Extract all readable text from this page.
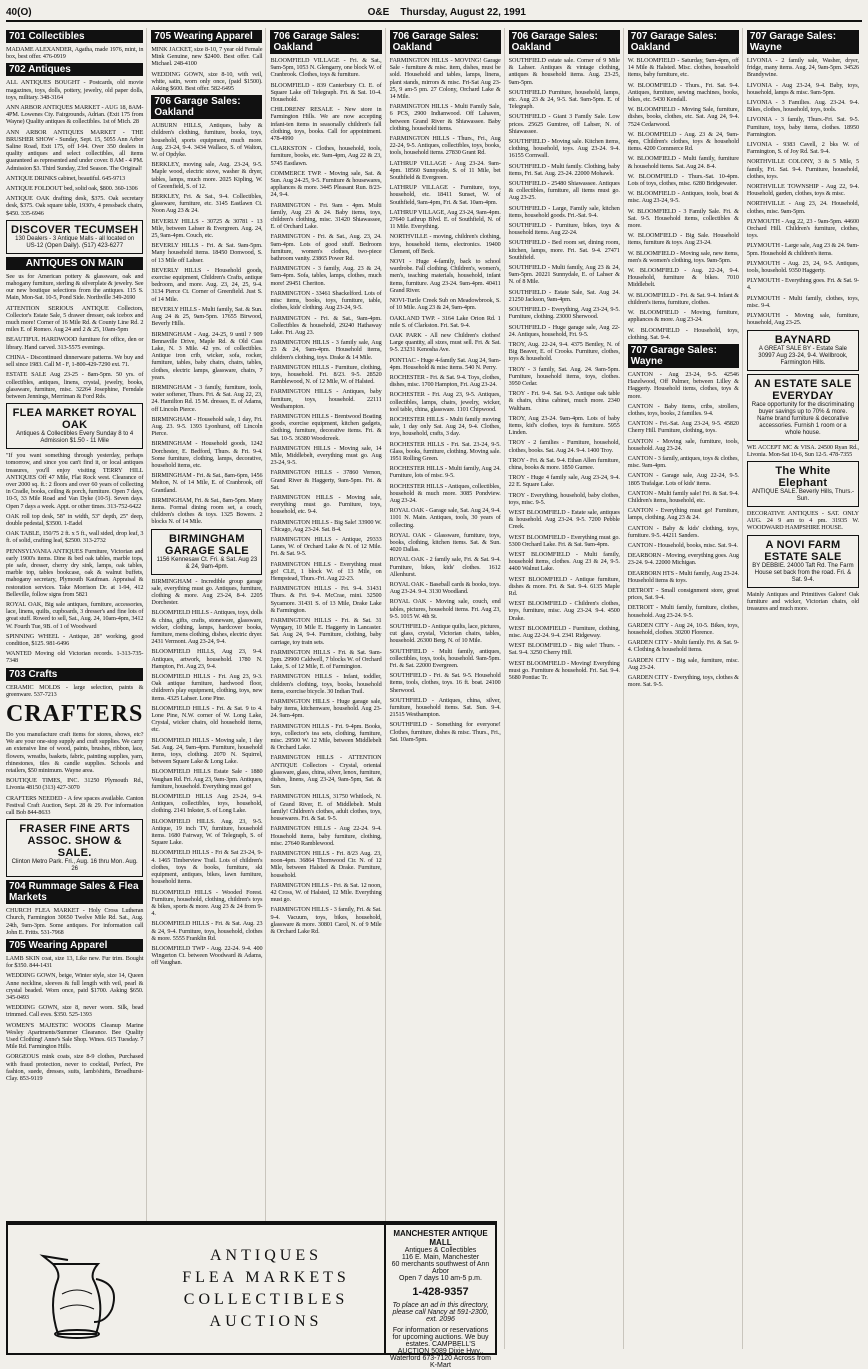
40(O)	O&E Thursday, August 22, 1991
701 Collectibles

MADAME ALEXANDER, Agatha, made 1976, mint, in box, best offer. 476-0919

702 Antiques

ALL ANTIQUES BOUGHT - Postcards, old movie magazines, toys, dolls, pottery, jewelry, old paper dolls, toys, military. 348-3164

ANN ARBOR ANTIQUES MARKET - AUG 18, 8AM-4PM. Lowenes Cty. Fairgrounds, Adrian. (Exit 175 from Wayne) Quality antiques & collectibles. 1st of Mich. 28

ANN ARBOR ANTIQUES MARKET - THE BRUSHER SHOW - Sunday, Sept. 15, 5055 Ann Arbor Saline Road, Exit 175, off I-94. Over 350 dealers in quality antiques and select collectibles, all items guaranteed as represented and under cover. 8 AM - 4 PM. Admission $3. Third Sunday, 23rd Season. The Original!

ANTIQUE DRINKS cabinet, beautiful. 645-9713

ANTIQUE FOLDOUT bed, solid oak, $800. 360-1306

ANTIQUE OAK drafting desk, $375. Oak secretary desk, $375. Oak square table, 1930's, 4 pressback chairs, $450. 335-6946

DISCOVER TECUMSEH
130 Dealers - 3 Antique Malls - all located on US-12 (Open Daily). (517) 423-6277
ANTIQUES ON MAIN

See us for American pottery & glassware, oak and mahogany furniture, sterling & silverplate & jewelry. See our new boutique selections from the antiques. 115 S. Main, Mon-Sat. 10-5, Pond Side. Northville 349-2690

ATTENTION SERIOUS ANTIQUE Collectors, Collector's Estate Sale, 5 drawer dresser, oak icebox and much more! Corner of 16 Mile Rd. & County Line Rd. 2 miles E. of Romeo. Aug 24 and 2 & 25, 10am-5pm

BEAUTIFUL HARDWOOD furniture for office, den or library. Hand carved. 313-5575 evenings.

CHINA - Discontinued dinnerware patterns. We buy and sell since 1983. Call M - F, 1-800-429-7290 ext. 71.

ESTATE SALE Aug 23-25 - 8am-5pm. 50 yrs. of collectibles, antiques, linens, crystal, jewelry, books, glassware, furniture, misc. 32264 Josephine, Ferndale between Jennings, Merriman & Ford Rds.

FLEA MARKET ROYAL OAK
Antiques & Collectibles Every Sunday 8 to 4 Admission $1.50 - 11 Mile

"If you want something through yesterday, perhaps tomorrow, and since you can't find it, or local antiques treasures, you'll enjoy visiting TERRY HILL ANTIQUES Off 47 Mile, Flat Rock west. Clearance of over 2000 sq. ft.: 2 floors and over 60 years of collecting in Cradle, books, ceiling & porch, furniture. Open 7 days, 10-5, 33 Mile Road and Van Dyke (10-5). Seven days. Open 7 days a week. Appt. or other times. 313-752-6422

OAK roll top desk, 58" in width, 53" depth, 25" deep, double pedestal, $3500. 1-Eadel

OAK TABLE, 150/75 2 ft. x 5 ft., wall sided, drop leaf, 3 ft. of solid, crafting leaf, $2500. 313-2732

PENNSYLVANIA ANTIQUES Furniture, Victorian and early 1900's items. Dine & bed oak tables, marble tops, pie safe, dresser, cherry dry sink, lamps, oak tables, marble top, tables bookcase, oak & walnut buffets, mahogany secretary, Plymouth Kaufman. Appraisal & restoration services. Take Morrison Dr. at 1-94, 412 Belleville, follow signs from 5821

ROYAL OAK, Big sale antiques, furniture, accessories, lace, linens, quilts, cupboards, 3 dresser's and fine lots of great stuff. Rowed to sell, Sat., Aug. 24, 10am-4pm, 3412 W. Fourth Tue, 9B. of 1 of Woodward

SPINNING WHEEL - Antique, 28" working, good condition, $125. 981-6496

WANTED Moving old Victorian records. 1-313-735-7348

703 Crafts

CERAMIC MOLDS - large selection, paints & greenware. 537-7213

CRAFTERS

Do you manufacture craft items for stores, shows, etc? We are your one-stop supply and craft supplies. We carry an extensive line of wood, paints, brushes, ribbon, lace, flowers, wreaths, baskets, fabric, painting supplies, yarn, rhinestones, tiles & candle supplies. Schools and retailers, $50 minimum. Wayne area.

BOUTIQUE TIMES, INC. 31250 Plymouth Rd., Livonia 48150 (313) 427-3070

CRAFTERS NEEDED - A few spaces available. Canton Festival Craft Auction, Sept. 28 & 29. For information call Bob 844-8633

FRASER FINE ARTS ASSOC. SHOW & SALE.
Clinton Metro Park. Fri., Aug. 16 thru Mon. Aug. 26
704 Rummage Sales & Flea Markets

CHURCH FLEA MARKET - Holy Cross Lutheran Church, Farmington 30650 Twelve Mile Rd. Sat., Aug. 24th, 9am-3pm. Some antiques. For information call John E. Fritts. 531-7968

705 Wearing Apparel

LAMB SKIN coat, size 13, Like new. Fur trim. Bought for $350. 844-1431

WEDDING GOWN, beige, Winter style, size 14, Queen Anne neckline, sleeves & full length with veil, pearl & crystal beaded. Worn once, paid $1700. Asking $650. 345-0493

WEDDING GOWN, size 8, never worn. Silk, bead trimmed. Call eves. $350. 525-1393

WOMEN'S MAJESTIC WOODS Cleanup Marine Wesley Apartments/Summer Clearance. Bee Quality Used Clothing! Anne's Sale Shop. Wines. 615 Tuesday. 7 Mile Rd. Farmington Hills.

GORGEOUS mink coats, size 8-9 clothes, Purchased with fraud protection, never to cocktail, Perfect, Pre fashion, suede, dresses, suits, lamb/shirts, Broadhurst-Clay. 853-9119

705 Wearing Apparel

MINK JACKET, size 8-10, 7 year old Female Mink Genuine, new $2400. Best offer. Call Michael. 248-4100

WEDDING GOWN, size 8-10, with veil, white, satin, worn only once, (paid $1500). Asking $600. Best offer. 582-6495

706 Garage Sales: Oakland

AUBURN HILLS, Antiques, baby & children's clothing, furniture, books, toys, household, sports equipment, much more. Aug. 23-24, 9-4. 3434 Wallace, S. of Walton, W. of Opdyke.

BERKLEY, moving sale, Aug. 23-24, 9-5. Maple wood, electric stove, washer & dryer, tables, lamps, much more. 2025 Kipling, W. of Greenfield, S. of 12.

BERKLEY, Fri. & Sat., 9-4. Collectibles, glassware, furniture, etc. 3145 Eastlawn Ct. Noon Aug 23 & 24.

BEVERLY HILLS - 30725 & 30781 - 13 Mile, between Lahser & Evergreen. Aug. 24, 25, 9am-4pm. Couch, etc.

BEVERLY HILLS - Fri. & Sat. 9am-5pm. Many household items. 18450 Donwood, S. of 13 Mile off Lahser.

BEVERLY HILLS - Household goods, exercise equipment, Children's Crafts, antique bedroom, and more. Aug. 23, 24, 25, 9-4. 3134 Pierce Ct. Corner of Greenfield. Just S. of 14 Mile.

BEVERLY HILLS - Multi family, Sat. & Sun. Aug 24 & 25, 9am-5pm. 17655 Birwood, Beverly Hills.

BIRMINGHAM - Aug. 24-25, 9 until ? 909 Bennaville Drive, Maple Rd. & Old Cass Lake, N. 3 Mile. 42 yrs. of collectibles. Antique iron crib, wicker, sofa, rocker, furniture, tables, baby chairs, chairs, tables, clothes, electric lamps, glassware, chairs, 7 years.

BIRMINGHAM - 3 family, furniture, tools, water softener, Thurs. Fri. & Sat. Aug 22, 23, 24. Hamilton Rd. 15 M. dresses, E. of Adams, off Lincoln Pierce.

BIRMINGHAM - Household sale, 1 day, Fri. Aug. 23. 9-5. 1393 Lyonhurst, off Lincoln Pierce.

BIRMINGHAM - Household goods, 1242 Dorchester, E. Bedford, Thurs. & Fri. 9-4. Some furniture, clothing, lamps, decorative, household items, etc.

BIRMINGHAM - Fri. & Sat., 8am-6pm, 1456 Melton, N. of 14 Mile, E. of Cranbrook, off Grantland.

BIRMINGHAM, Fri. & Sat., 8am-5pm. Many items. Formal dining room set, a couch, children's clothes & toys. 1325 Bowers. 2 blocks N. of 14 Mile.

BIRMINGHAM GARAGE SALE
1156 Kennesaw Ct. Fri. & Sat. Aug 23 & 24, 9am-4pm.

BIRMINGHAM - Incredible group garage sale, everything must go. Antiques, furniture, clothing & more. Aug 23-24, 8-4. 2205 Dorchester.

BLOOMFIELD HILLS - Antiques, toys, dolls & china, gifts, crafts, stoneware, glassware, wicker, clothing, lamps, hardcover books, furniture, mens clothing, dishes, electric dryer. 2431 Vermont. Aug 23-24, 9-4.

BLOOMFIELD HILLS, Aug 23, 9-4. Antiques, artwork, household. 1780 N. Hampton, Fri. Aug 23, 9-4.

BLOOMFIELD HILLS - Fri. Aug 23, 9-3. Oak antique furniture, hardwood floor, children's play equipment, clothing, toys, new items. 4325 Lahser. Lone Pine.

BLOOMFIELD HILLS - Fri. & Sat. 9 to 4. Lone Pine, N.W. corner of W. Long Lake, Crystal, wicker chairs, old household items, etc.

BLOOMFIELD HILLS - Moving sale, 1 day Sat. Aug. 24, 9am-4pm. Furniture, household items, toys, clothing. 2070 N. Squirrel, between Square Lake & Long Lake.

BLOOMFIELD HILLS Estate Sale - 1880 Vaughan Rd. Fri. Aug 23, 9am-3pm. Antiques, furniture, household. Everything must go!

BLOOMFIELD HILLS Aug 23-24, 9-4. Antiques, collectibles, toys, household, clothing. 2141 Inkster, S. of Long Lake.

BLOOMFIELD HILLS. Aug. 23, 9-5. Antique, 19 inch TV, furniture, household items. 1680 Fairway, W. of Telegraph, S. of Square Lake.

BLOOMFIELD HILLS - Fri & Sat 23-24, 9-4. 1465 Timberview Trail. Lots of children's clothes, toys & books, furniture, ski equipment, antiques, bikes, lawn furniture, household items.

BLOOMFIELD HILLS - Wooded Forest. Furniture, household, clothing, children's toys & bikes, sports & more. Aug 23 & 24 from 9-4.

BLOOMFIELD HILLS - Fri. & Sat. Aug. 23 & 24, 9-4. Furniture, toys, household, clothes & more. 5555 Franklin Rd.

BLOOMFIELD TWP - Aug. 22-24. 9-4. 400 Wingerton Ct. between Woodward & Adams, off Vaughan.

706 Garage Sales: Oakland

BLOOMFIELD VILLAGE - Fri. & Sat., 9am-5pm, 1053 N. Glengarry, one block W. of Cranbrook. Clothes, toys & furniture.

BLOOMFIELD - 839 Canterbury Ct. E. of Square Lake off Telegraph. Fri. & Sat. 10-4. Household.

CHILDRENS' RESALE - New store in Farmington Hills. We are now accepting infant-ten items in seasonally children's fall clothing, toys, books. Call for appointment. 478-4990

CLARKSTON - Clothes, household, tools, furniture, books, etc. 9am-4pm, Aug 22 & 23, 5745 Eastlawn.

COMMERCE TWP. - Moving sale, Sat. & Sun. Aug 24-25, 9-5. Furniture & housewares, appliances & more. 3445 Pleasant Run. 8/23-24, 9-4.

FARMINGTON - Fri. 9am - 4pm. Multi family, Aug 23 & 24. Baby items, toys, children's clothing, misc. 31420 Shiawassee, E. of Orchard Lake.

FARMINGTON - Fri. & Sat., Aug. 23, 24. 9am-4pm. Lots of good stuff. Bedroom furniture, women's clothes, two-piece bathroom vanity. 23865 Power Rd.

FARMINGTON - 3 family, Aug. 23 & 24, 9am-4pm. Sofa, tables, lamps, clothes, much more! 29451 Cheriton.

FARMINGTON - 33461 Shackelford. Lots of misc items, books, toys, furniture, table, clothes, kids' clothing. Aug 23-24, 9-5.

FARMINGTON - Fri. & Sat., 9am-4pm. Collectibles & household, 29240 Hathaway Lake. Fri. Aug 23.

FARMINGTON HILLS - 3 family sale, Aug 23 & 24, 9am-4pm. Household items, children's clothing, toys. Drake & 14 Mile.

FARMINGTON HILLS - Furniture, clothing, toys, household. Fri. 8/23. 9-5. 28520 Ramblewood, N. of 12 Mile, W. of Halsted.

FARMINGTON HILLS - Antiques, baby furniture, toys, household. 22111 Westhampton.

FARMINGTON HILLS - Brentwood Boating goods, exercise equipment, kitchen gadgets, clothing, furniture, decorative items. Fri. & Sat. 10-5. 36380 Woodcreek.

FARMINGTON HILLS - Moving sale, 14 Mile, Middlebelt, everything must go. Aug 23-24, 9-5.

FARMINGTON HILLS - 37860 Vernon, Grand River & Haggerty, 9am-5pm. Fri. & Sat.

FARMINGTON HILLS - Moving sale, everything must go. Furniture, toys, household, etc. 9-4.

FARMINGTON HILLS - Big Sale! 33900 W. Chicago, Aug 23-24. Sat. 8-4.

FARMINGTON HILLS - Antique, 29333 Lanes, W. of Orchard Lake & N. of 12 Mile. Fri. & Sat. 9-5.

FARMINGTON HILLS - Everything must go! CLE, 1 block W. of 13 Mile, on Hempstead, Thurs.-Fri. Aug 22-23.

FARMINGTON HILLS - Fri. 9-4. 31431 Thurs. & Fri. 9-4. McCrae, mini. 32500 Sycamore. 31431 S. of 13 Mile, Drake Lake & Farmington.

FARMINGTON HILLS - Fri. & Sat. 31 Wyngary, 10 Mile E. Haggerty in Lancaster. Sat. Aug 24, 9-4. Furniture, clothing, baby carriage, toy train sets.

FARMINGTON HILLS - Fri. & Sat. 9am-3pm. 29900 Caldwell, 7 blocks W. of Orchard Lake, S. of 12 Mile, E. of Farmington.

FARMINGTON HILLS - Infant, toddler, children's clothing, toys, books, household items, exercise bicycle. 30 Indian Trail.

FARMINGTON HILLS - Huge garage sale, baby items, kitchenware, household. Aug 23-24. 9am-4pm.

FARMINGTON HILLS - Fri. 9-4pm. Books, toys, collector's tea sets, clothing, furniture, misc. 29500 W. 12 Mile, between Middlebelt & Orchard Lake.

FARMINGTON HILLS - ATTENTION ANTIQUE Collectors - Crystal, oriental glassware, glass, china, silver, lenox, furniture, dishes, linens, Aug 23-24, 9am-5pm, Sat. & Sun.

FARMINGTON HILLS, 31750 Whitlock, N. of Grand River, E. of Middlebelt. Multi family! Children's clothes, adult clothes, toys, housewares. Fri. & Sat. 9-5.

FARMINGTON HILLS - Aug 22-24. 9-4. Household items, baby furniture, clothing, misc. 27640 Ramblewood.

FARMINGTON HILLS - Fri. 8/23 Aug. 23, noon-4pm. 36864 Thornwood Cir. N. of 12 Mile, between Halsted & Drake. Furniture, household.

FARMINGTON HILLS - Fri. & Sat. 12 noon, 42 Cross, W. of Halsted, 12 Mile. Everything must go.

FARMINGTON HILLS - 3 family, Fri. & Sat. 9-4. Vacuum, toys, bikes, household, glassware & more. 30801 Carol, N. of 9 Mile & Orchard Lake Rd.

706 Garage Sales: Oakland

FARMINGTON HILLS - MOVING! Garage Sale - furniture & misc. item, dishes, must be sold. Household and tables, lamps, linens, plant stands, mirrors & misc. Fri-Sat Aug 23-25, 9 am-5 pm. 27 Colony, Orchard Lake & 14 Mile.

FARMINGTON HILLS - Multi Family Sale, 6 PCS, 2900 Indianwood. Off Lahaven, between Grand River & Shiawassee. Baby clothing, household items.

FARMINGTON HILLS - Thurs., Fri., Aug 22-24, 9-5. Antiques, collectibles, toys, books, tools, household items. 27830 Grant Rd.

LATHRUP VILLAGE - Aug 23-24. 9am-4pm. 18560 Sunnyside, S. of 11 Mile, bet Southfield & Evergreen.

LATHRUP VILLAGE - Furniture, toys, household, etc. 18411 Sunset, W. of Southfield, 9am-4pm, Fri. & Sat. 10am-4pm.

LATHRUP VILLAGE, Aug 23-24, 9am-4pm. 27640 Lathrup Blvd. E. of Southfield, N. of 11 Mile. Everything.

NORTHVILLE - moving, children's clothing, toys, household items, electronics. 19400 Clement, off Beck.

NOVI - Huge 4-family, back to school wardrobe. Fall clothing. Children's, women's, men's, teaching materials, household, infant items, furniture. Aug 23-24. 9am-4pm. 40411 Grand River.

NOVI-Turtle Creek Sub on Meadowbrook, S. of 10 Mile. Aug 23 & 24, 9am-4pm.

OAKLAND TWP. - 3164 Lake Orion Rd. 1 mile S. of Clarkston. Fri. Sat. 9-4.

OAK PARK - All new Children's clothes! Large quantity, all sizes, must sell. Fri. & Sat. 9-5. 23231 Kenosha Ave.

PONTIAC - Huge 4-family Sat. Aug 24, 9am-4pm. Household & misc items. 540 N. Perry.

ROCHESTER - Fri. & Sat. 9-4. Toys, clothes, dishes, misc. 1700 Hampton, Fri. Aug 23-24.

ROCHESTER - Fri. Aug 23, 9-5. Antiques, collectibles, lamps, chairs, jewelry, wicker, tool table, china, glassware. 1101 Chipwood.

ROCHESTER HILLS - Multi family moving sale, 1 day only Sat. Aug 24, 9-4. Clothes, toys, household, crafts, 3 day.

ROCHESTER HILLS - Fri. Sat. 23-24, 9-5. Glass, books, furniture, clothing. Moving sale. 1951 Rolling Green.

ROCHESTER HILLS - Multi family, Aug 24. Furniture, lots of misc. 9-5.

ROCHESTER HILLS - Antiques, collectibles, household & much more. 3085 Pondview. Aug 23-24.

ROYAL OAK - Garage sale, Sat. Aug 24, 9-4. 1101 N. Main. Antiques, tools, 30 years of collecting.

ROYAL OAK - Glassware, furniture, toys, books, clothing, kitchen items. Sat. & Sun. 4020 Dallas.

ROYAL OAK - 2 family sale, Fri. & Sat. 9-4. Furniture, bikes, kids' clothes. 1612 Allenhurst.

ROYAL OAK - Baseball cards & books, toys. Aug 23-24. 9-4. 3130 Woodland.

ROYAL OAK - Moving sale, couch, end tables, pictures, household items. Fri. Aug 23, 9-5. 1015 W. 4th St.

SOUTHFIELD - Antique quilts, lace, pictures, cut glass, crystal, Victorian chairs, tables, household. 26300 Berg, N. of 10 Mile.

SOUTHFIELD - Multi family, antiques, collectibles, toys, tools, household. 9am-5pm. Fri. & Sat. 22000 Evergreen.

SOUTHFIELD - Fri. & Sat. 9-5. Household items, tools, clothes, toys. 16 ft. boat. 24100 Sherwood.

SOUTHFIELD - Antiques, china, silver, furniture, household items. Sat. Sun. 9-4. 21515 Westhampton.

SOUTHFIELD - Something for everyone! Clothes, furniture, dishes & misc. Thurs., Fri., Sat. 10am-5pm.

706 Garage Sales: Oakland

SOUTHFIELD estate sale. Corner of 9 Mile & Lahser. Antiques & vintage clothing, antiques & household items. Aug. 23-25, 9am-5pm.

SOUTHFIELD Furniture, household, lamps, etc. Aug 23 & 24, 9-5. Sat. 9am-5pm. E. of Telegraph.

SOUTHFIELD - Giant 3 Family Sale. Low prices. 25625 Gumtree, off Lahser, N. of Shiawassee.

SOUTHFIELD - Moving sale. Kitchen items, clothing, household, toys. Aug 23-24. 9-4. 16155 Cornwall.

SOUTHFIELD - Multi family. Clothing, baby items, Fri. Sat. Aug. 23-24. 22000 Mohawk.

SOUTHFIELD - 25480 Shiawassee. Antiques & collectibles, furniture, all items must go. Aug 23-25.

SOUTHFIELD - Large, Family sale, kitchen items, household goods. Fri.-Sat. 9-4.

SOUTHFIELD - Furniture, bikes, toys & household items. Aug 22-24.

SOUTHFIELD - Bed room set, dining room, kitchen, lamps, more. Fri. Sat. 9-4. 27471 Southfield.

SOUTHFIELD - Multi family, Aug 23 & 24, 9am-5pm. 20221 Sunnydale, E. of Lahser & N. of 8 Mile.

SOUTHFIELD - Estate Sale, Sat. Aug 24. 21250 Jackson, 9am-4pm.

SOUTHFIELD - Everything, Aug 23-24, 9-5. Furniture, clothing. 23000 Sherwood.

SOUTHFIELD - Huge garage sale, Aug 22-24. Antiques, household, Fri. 9-5.

TROY, Aug. 22-24, 9-4. 4375 Bentley, N. of Big Beaver, E. of Crooks. Furniture, clothes, toys & household.

TROY - 3 family, Sat. Aug. 24. 9am-5pm. Furniture, household items, toys, clothes. 3950 Cedar.

TROY - Fri. 9-4. Sat. 9-3. Antique oak table & chairs, china cabinet, much more. 2340 Waltham.

TROY, Aug 23-24. 9am-4pm. Lots of baby items, kid's clothes, toys & furniture. 5955 Linden.

TROY - 2 families - Furniture, household, clothes, books. Sat. Aug 24. 9-4. 1400 Troy.

TROY - Fri. & Sat. 9-4. Ethan Allen furniture, china, books & more. 1850 Gurnee.

TROY - Huge 4 family sale, Aug 23-24, 9-4. 22 E. Square Lake.

TROY - Everything, household, baby clothes, toys, misc. 9-5.

WEST BLOOMFIELD - Estate sale, antiques & household. Aug 23-24. 9-5. 7200 Pebble Creek.

WEST BLOOMFIELD - Everything must go. 5300 Orchard Lake. Fri. & Sat. 9am-4pm.

WEST BLOOMFIELD - Multi family, household items, clothes. Aug 23 & 24, 9-5. 4400 Walnut Lake.

WEST BLOOMFIELD - Antique furniture, dishes & more. Fri. & Sat. 9-4. 6135 Maple Rd.

WEST BLOOMFIELD - Children's clothes, toys, furniture, misc. Aug 23-24. 9-4. 4500 Drake.

WEST BLOOMFIELD - Furniture, clothing, misc. Aug 22-24. 9-4. 2341 Ridgeway.

WEST BLOOMFIELD - Big sale! Thurs. - Sat. 9-4. 3250 Cherry Hill.

WEST BLOOMFIELD - Moving! Everything must go. Furniture & household. Fri. Sat. 9-4. 5680 Pontiac Tr.

707 Garage Sales: Oakland

W. BLOOMFIELD - Saturday, 9am-4pm, off 14 Mile & Halsted. Misc. clothes, household items, baby furniture, etc.

W. BLOOMFIELD - Thurs., Fri. Sat. 9-4. Antiques, furniture, sewing machines, books, bikes, etc. 5430 Kendall.

W. BLOOMFIELD - Moving Sale, furniture, dishes, books, clothes, etc. Sat. Aug 24, 9-4. 7524 Cedarwood.

W. BLOOMFIELD - Aug. 23 & 24, 9am-4pm, Children's clothes, toys & household items. 4200 Commerce Rd.

W. BLOOMFIELD - Multi family, furniture & household items. Sat. Aug 24. 8-4.

W. BLOOMFIELD - Thurs.-Sat. 10-4pm. Lots of toys, clothes, misc. 6280 Bridgewater.

W. BLOOMFIELD - Antiques, tools, boat & misc. Aug 23-24, 9-5.

W. BLOOMFIELD - 3 Family Sale. Fri. & Sat. 9-5. Household items, collectibles & more.

W. BLOOMFIELD - Big Sale. Household items, furniture & toys. Aug 23-24.

W. BLOOMFIELD - Moving sale, new items, men's & women's clothing, toys. 9am-5pm.

W. BLOOMFIELD - Aug. 22-24, 9-4. Household, furniture & bikes. 7010 Middlebelt.

W. BLOOMFIELD - Fri. & Sat. 9-4. Infant & children's items, furniture, clothes.

W. BLOOMFIELD - Moving, furniture, appliances & more. Aug 23-24.

W. BLOOMFIELD - Household, toys, clothing. Sat. 9-4.

707 Garage Sales: Wayne

CANTON - Aug 23-24, 9-5. 42546 Hazelwood, Off Palmer, between Lilley & Haggerty. Household items, clothes, toys & more.

CANTON - Baby items, cribs, strollers, clothes, toys, books, 2 families. 9-4.

CANTON - Fri.-Sat. Aug 23-24, 9-5. 45820 Cherry Hill. Furniture, clothing, toys.

CANTON - Moving sale, furniture, tools, household. Aug 23-24.

CANTON - 3 family, antiques, toys & clothes, misc. 9am-4pm.

CANTON - Garage sale, Aug 22-24, 9-5. 1805 Trafalgar. Lots of kids' items.

CANTON - Multi family sale! Fri. & Sat. 9-4. Children's items, household, etc.

CANTON - Everything must go! Furniture, lamps, clothing. Aug 23 & 24.

CANTON - Baby & kids' clothing, toys, furniture. 9-5. 44211 Sanders.

CANTON - Household, books, misc. Sat. 9-4.

DEARBORN - Moving, everything goes. Aug 23-24. 9-4. 22000 Michigan.

DEARBORN HTS - Multi family, Aug 23-24. Household items & toys.

DETROIT - Small consignment store, great prices, Sat. 9-4.

DETROIT - Multi family, furniture, clothes, household. Aug 23-24. 9-5.

GARDEN CITY - Aug 24, 10-5. Bikes, toys, household, clothes. 30200 Florence.

GARDEN CITY - Multi family. Fri. & Sat. 9-4. Clothing & household items.

GARDEN CITY - Big sale, furniture, misc. Aug 23-24.

GARDEN CITY - Everything, toys, clothes & more. Sat. 9-5.

707 Garage Sales: Wayne

LIVONIA - 2 family sale, Washer, dryer, fridge, many items. Aug. 24, 9am-5pm. 34526 Brandywine.

LIVONIA - Aug 23-24, 9-4. Baby, toys, household, lamps & misc. 9am-5pm.

LIVONIA - 3 Families. Aug. 23-24. 9-4. Bikes, clothes, household, toys, tools.

LIVONIA - 3 family, Thurs.-Fri. Sat. 9-5. Furniture, toys, baby items, clothes. 18950 Farmington.

LIVONIA - 9383 Cavell, 2 bks W. of Farmington, S. of Joy Rd. Sat. 9-4.

NORTHVILLE COLONY, 3 & 5 Mile, 5 family, Fri. Sat. 9-4. Furniture, household, clothes, toys.

NORTHVILLE TOWNSHIP - Aug 22, 9-4. Household, garden, clothes, toys & misc.

NORTHVILLE - Aug 23, 24. Household, clothes, misc. 9am-5pm.

PLYMOUTH - Aug 22, 23 - 9am-5pm. 44600 Orchard Hill. Children's furniture, clothes, toys.

PLYMOUTH - Large sale, Aug 23 & 24. 9am-5pm. Household & children's items.

PLYMOUTH - Aug. 23, 24, 9-5. Antiques, tools, household. 9350 Haggerty.

PLYMOUTH - Everything goes. Fri. & Sat. 9-4.

PLYMOUTH - Multi family, clothes, toys, misc. 9-4.

PLYMOUTH - Moving sale, furniture, household, Aug 23-25.

BAYNARD
A GREAT SALE BY - Estate Sale 30997 Aug 23-24, 9-4. Wellbrook, Farmington Hills.
AN ESTATE SALE EVERYDAY
Race opportunity for the discriminating buyer savings up to 70% & more. Name brand furniture & decorative accessories. Furnish 1 room or a whole house.

WE ACCEPT MC & VISA. 24500 Ryan Rd., Livonia. Mon-Sat 10-6, Sun 12-5. 478-7355

The White Elephant
ANTIQUE SALE. Beverly Hills, Thurs.-Sun.

DECORATIVE ANTIQUES - SAT. ONLY AUG. 24 9 am to 4 pm. 31935 W. WOODWARD HAMPSHIRE HOUSE.

A NOVI FARM ESTATE SALE
BY DEBBIE. 24000 Taft Rd. The Farm House set back from the road. Fri. & Sat. 9-4.

Mainly Antiques and Primitives Galore! Oak furniture and wicker, Victorian chairs, old treasures and much more.

ANTIQUES
FLEA MARKETS
COLLECTIBLES
AUCTIONS
MANCHESTER ANTIQUE MALL
Antiques & Collectibles
116 E. Main, Manchester
60 merchants southwest of Ann Arbor
Open 7 days 10 am-5 p.m.
1-428-9357
To place an ad in this directory, please call Nancy at 591-2300, ext. 2096
For information or reservations for upcoming auctions. We buy estates. CAMPBELL'S AUCTION 5089 Dixie Hwy., Waterford 673-7120 Across from K-Mart
